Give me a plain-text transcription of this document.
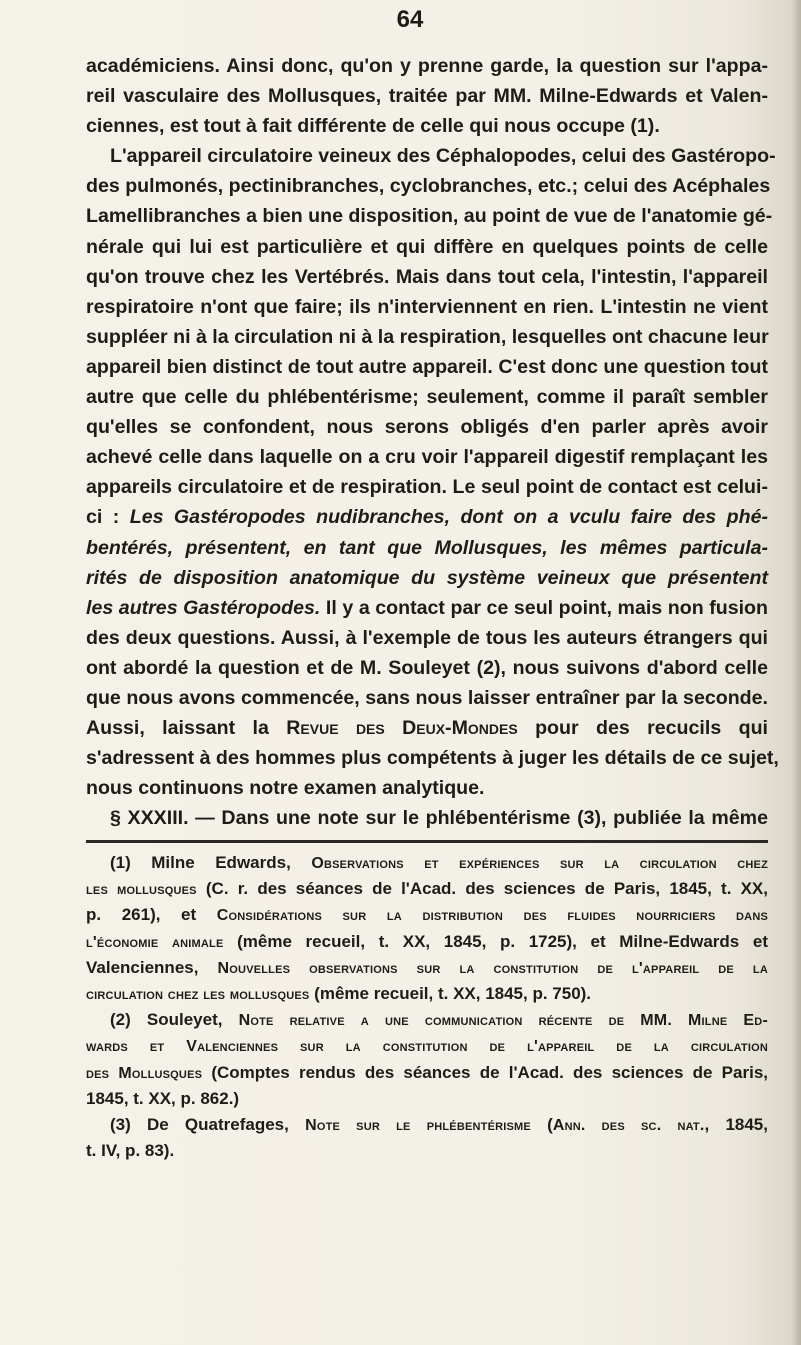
64
académiciens. Ainsi donc, qu'on y prenne garde, la question sur l'appa-
reil vasculaire des Mollusques, traitée par MM. Milne-Edwards et Valen-
ciennes, est tout à fait différente de celle qui nous occupe (1).
L'appareil circulatoire veineux des Céphalopodes, celui des Gastéropo-
des pulmonés, pectinibranches, cyclobranches, etc.; celui des Acéphales
Lamellibranches a bien une disposition, au point de vue de l'anatomie gé-
nérale qui lui est particulière et qui diffère en quelques points de celle
qu'on trouve chez les Vertébrés. Mais dans tout cela, l'intestin, l'appareil
respiratoire n'ont que faire; ils n'interviennent en rien. L'intestin ne vient
suppléer ni à la circulation ni à la respiration, lesquelles ont chacune leur
appareil bien distinct de tout autre appareil. C'est donc une question tout
autre que celle du phlébentérisme; seulement, comme il paraît sembler
qu'elles se confondent, nous serons obligés d'en parler après avoir
achevé celle dans laquelle on a cru voir l'appareil digestif remplaçant les
appareils circulatoire et de respiration. Le seul point de contact est celui-
ci : Les Gastéropodes nudibranches, dont on a vculu faire des phé-
bentérés, présentent, en tant que Mollusques, les mêmes particula-
rités de disposition anatomique du système veineux que présentent
les autres Gastéropodes. Il y a contact par ce seul point, mais non fusion
des deux questions. Aussi, à l'exemple de tous les auteurs étrangers qui
ont abordé la question et de M. Souleyet (2), nous suivons d'abord celle
que nous avons commencée, sans nous laisser entraîner par la seconde.
Aussi, laissant la Revue des Deux-Mondes pour des recucils qui
s'adressent à des hommes plus compétents à juger les détails de ce sujet,
nous continuons notre examen analytique.
§ XXXIII. — Dans une note sur le phlébentérisme (3), publiée la même
(1) Milne Edwards, Observations et expériences sur la circulation chez
les mollusques (C. r. des séances de l'Acad. des sciences de Paris, 1845, t. XX,
p. 261), et Considérations sur la distribution des fluides nourriciers dans
l'économie animale (même recueil, t. XX, 1845, p. 1725), et Milne-Edwards et
Valenciennes, Nouvelles observations sur la constitution de l'appareil de la
circulation chez les mollusques (même recueil, t. XX, 1845, p. 750).
(2) Souleyet, Note relative a une communication récente de MM. Milne Ed-
wards et Valenciennes sur la constitution de l'appareil de la circulation
des Mollusques (Comptes rendus des séances de l'Acad. des sciences de Paris,
1845, t. XX, p. 862.)
(3) De Quatrefages, Note sur le phlébentérisme (Ann. des sc. nat., 1845,
t. IV, p. 83).
